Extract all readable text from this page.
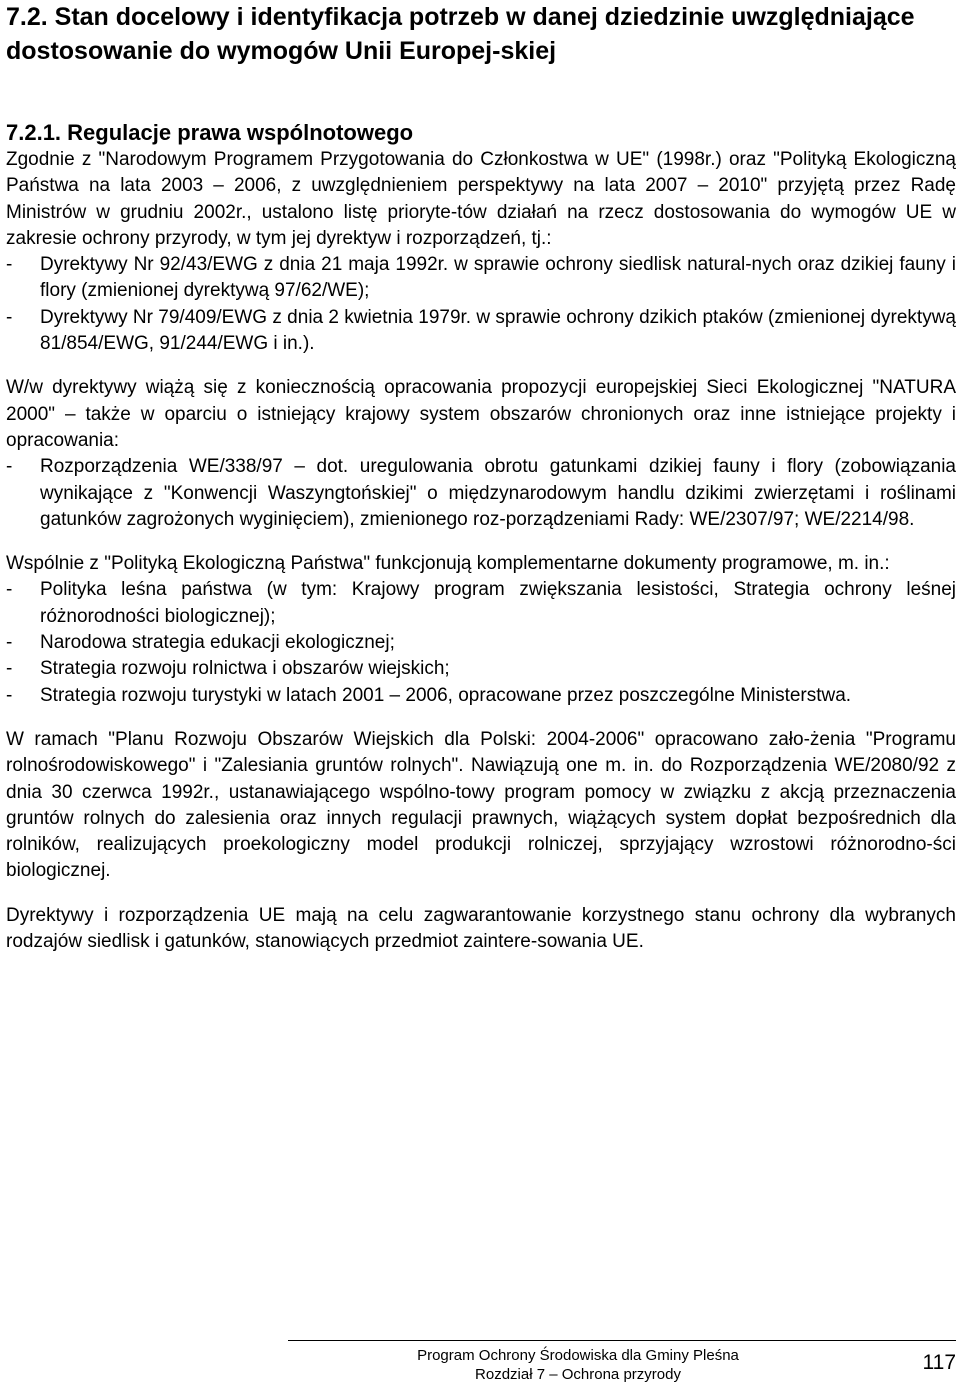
7.2. Stan docelowy i identyfikacja potrzeb w danej dziedzinie uwzględniające dostosowanie do wymogów Unii Europej-skiej
7.2.1. Regulacje prawa wspólnotowego

Zgodnie z "Narodowym Programem Przygotowania do Członkostwa w UE" (1998r.) oraz "Polityką Ekologiczną Państwa na lata 2003 – 2006, z uwzględnieniem perspektywy na lata 2007 – 2010" przyjętą przez Radę Ministrów w grudniu 2002r., ustalono listę prioryte-tów działań na rzecz dostosowania do wymogów UE w zakresie ochrony przyrody, w tym jej dyrektyw i rozporządzeń, tj.:

- Dyrektywy Nr 92/43/EWG z dnia 21 maja 1992r. w sprawie ochrony siedlisk natural-nych oraz dzikiej fauny i flory (zmienionej dyrektywą 97/62/WE);
- Dyrektywy Nr 79/409/EWG z dnia 2 kwietnia 1979r. w sprawie ochrony dzikich ptaków (zmienionej dyrektywą 81/854/EWG, 91/244/EWG i in.).

W/w dyrektywy wiążą się z koniecznością opracowania propozycji europejskiej Sieci Ekologicznej "NATURA 2000" – także w oparciu o istniejący krajowy system obszarów chronionych oraz inne istniejące projekty i opracowania:

- Rozporządzenia WE/338/97 – dot. uregulowania obrotu gatunkami dzikiej fauny i flory (zobowiązania wynikające z "Konwencji Waszyngtońskiej" o międzynarodowym handlu dzikimi zwierzętami i roślinami gatunków zagrożonych wyginięciem), zmienionego roz-porządzeniami Rady: WE/2307/97; WE/2214/98.

Wspólnie z "Polityką Ekologiczną Państwa" funkcjonują komplementarne dokumenty programowe, m. in.:

- Polityka leśna państwa (w tym: Krajowy program zwiększania lesistości, Strategia ochrony leśnej różnorodności biologicznej);
- Narodowa strategia edukacji ekologicznej;
- Strategia rozwoju rolnictwa i obszarów wiejskich;
- Strategia rozwoju turystyki w latach 2001 – 2006, opracowane przez poszczególne Ministerstwa.

W ramach "Planu Rozwoju Obszarów Wiejskich dla Polski: 2004-2006" opracowano zało-żenia "Programu rolnośrodowiskowego" i "Zalesiania gruntów rolnych". Nawiązują one m. in. do Rozporządzenia WE/2080/92 z dnia 30 czerwca 1992r., ustanawiającego wspólno-towy program pomocy w związku z akcją przeznaczenia gruntów rolnych do zalesienia oraz innych regulacji prawnych, wiążących system dopłat bezpośrednich dla rolników, realizujących proekologiczny model produkcji rolniczej, sprzyjający wzrostowi różnorodno-ści biologicznej.

Dyrektywy i rozporządzenia UE mają na celu zagwarantowanie korzystnego stanu ochrony dla wybranych rodzajów siedlisk i gatunków, stanowiących przedmiot zaintere-sowania UE.

Program Ochrony Środowiska dla Gminy Pleśna
Rozdział 7 – Ochrona przyrody
117
